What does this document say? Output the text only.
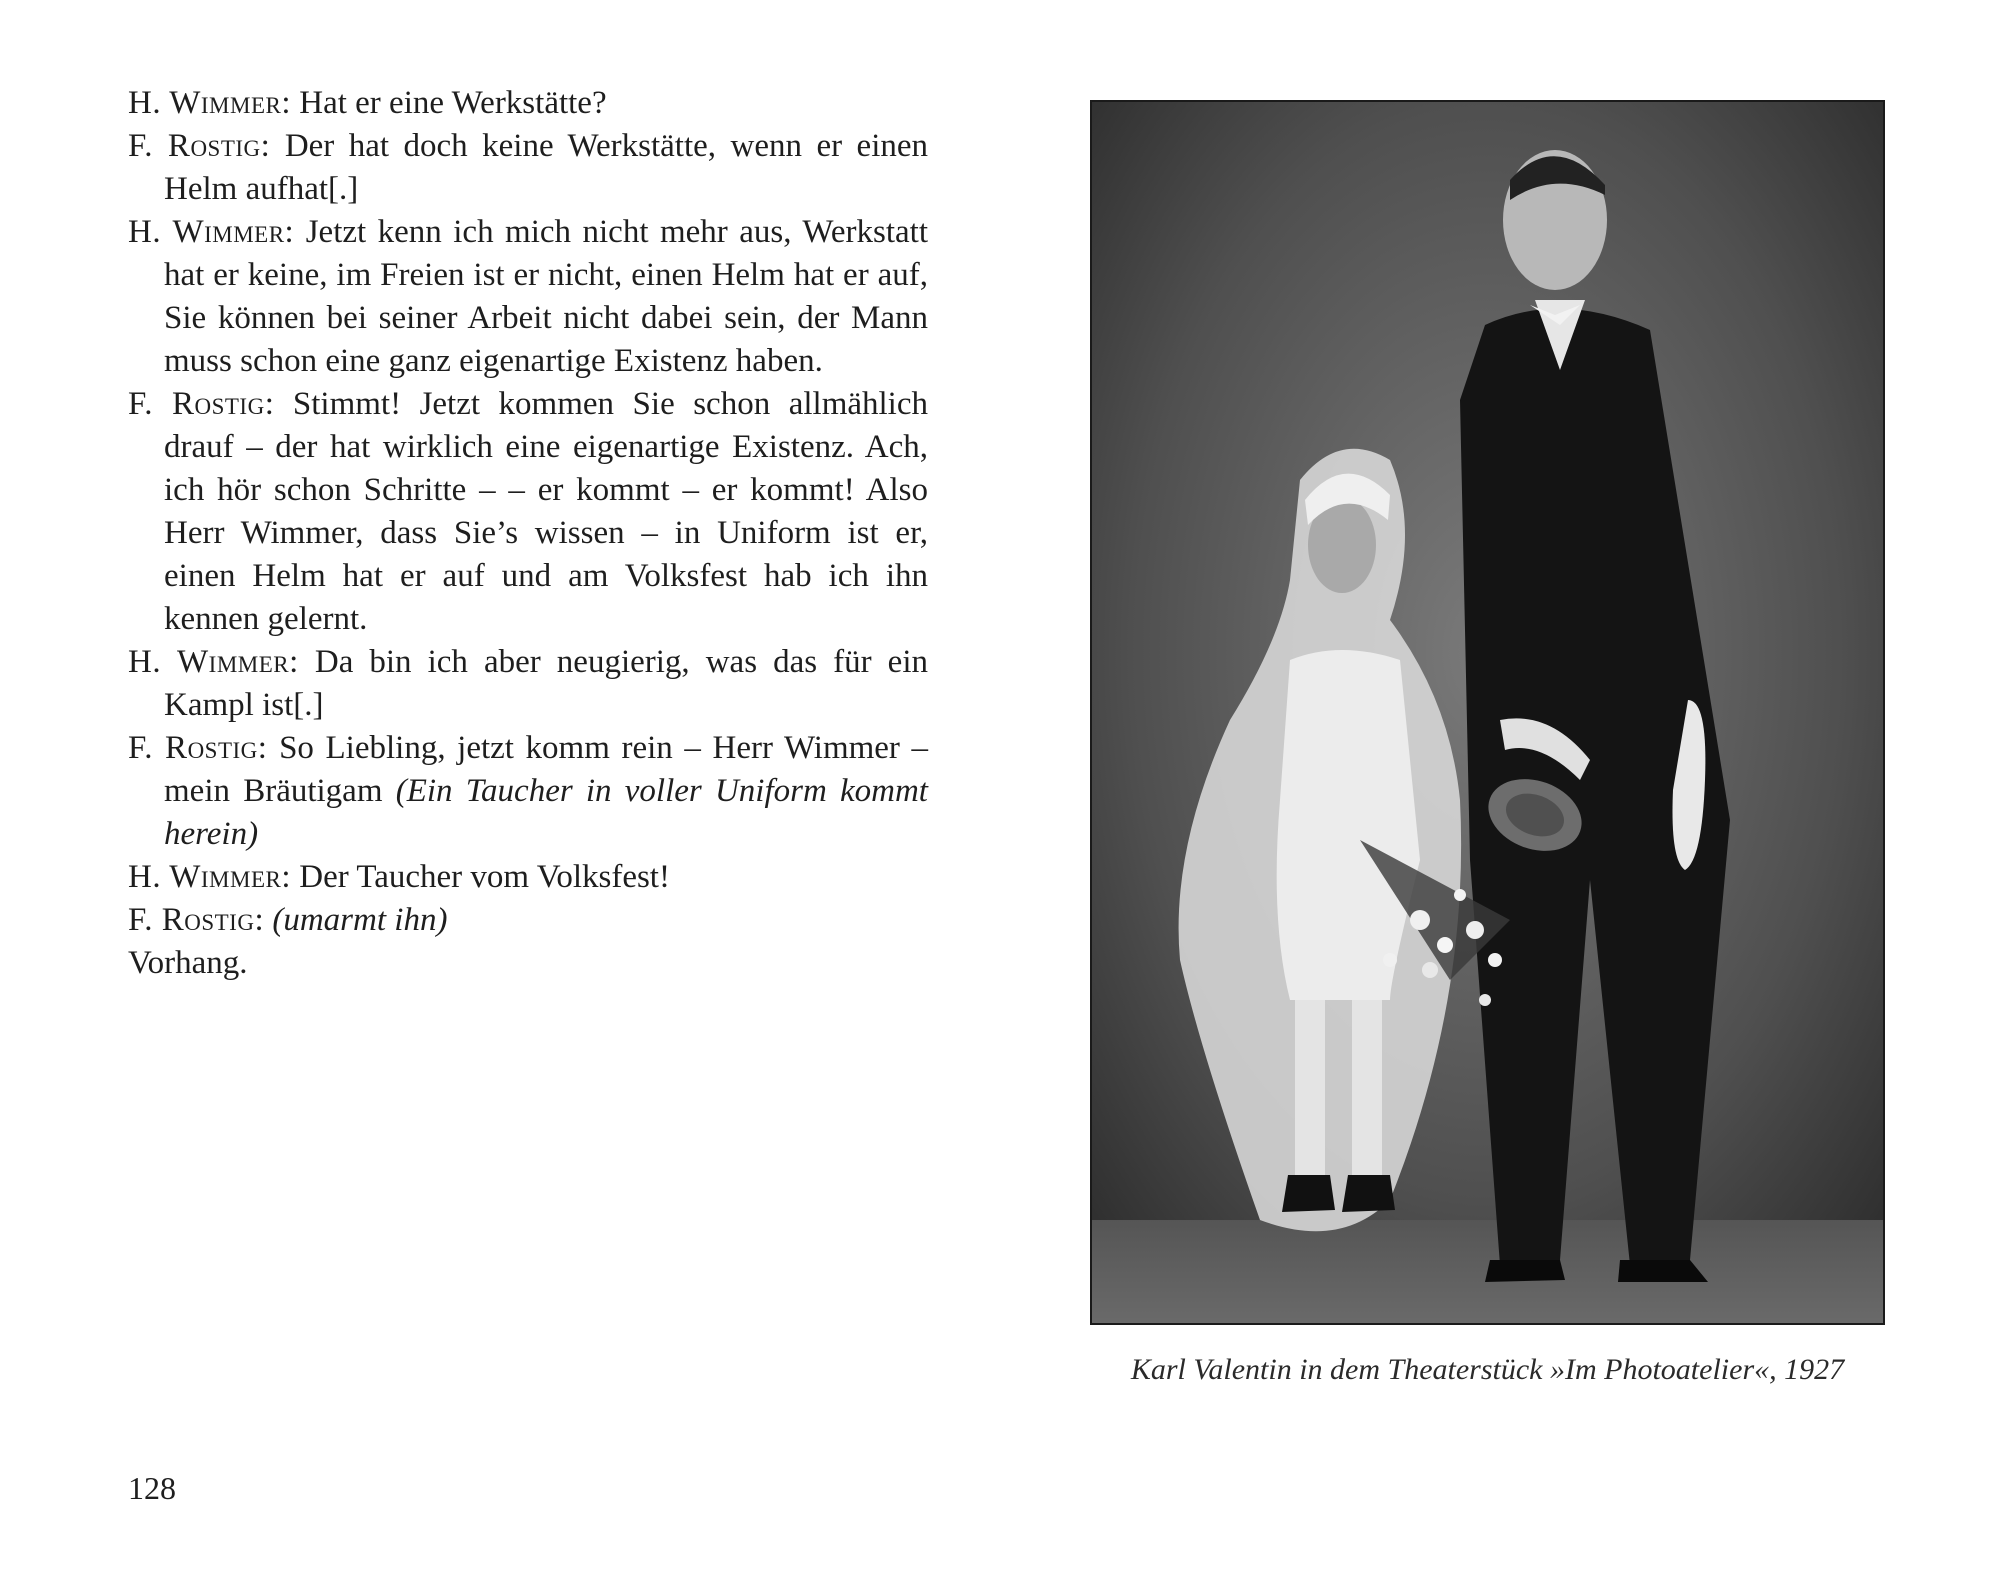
H. Wimmer: Hat er eine Werkstätte?

F. Rostig: Der hat doch keine Werkstätte, wenn er einen Helm aufhat[.]

H. Wimmer: Jetzt kenn ich mich nicht mehr aus, Werkstatt hat er keine, im Freien ist er nicht, einen Helm hat er auf, Sie können bei seiner Arbeit nicht dabei sein, der Mann muss schon eine ganz eigenartige Existenz haben.

F. Rostig: Stimmt! Jetzt kommen Sie schon allmählich drauf – der hat wirklich eine eigenartige Existenz. Ach, ich hör schon Schritte – – er kommt – er kommt! Also Herr Wimmer, dass Sie’s wissen – in Uniform ist er, einen Helm hat er auf und am Volksfest hab ich ihn kennen gelernt.

H. Wimmer: Da bin ich aber neugierig, was das für ein Kampl ist[.]

F. Rostig: So Liebling, jetzt komm rein – Herr Wimmer – mein Bräutigam (Ein Taucher in voller Uniform kommt herein)

H. Wimmer: Der Taucher vom Volksfest!

F. Rostig: (umarmt ihn)

Vorhang.

128
Karl Valentin in dem Theaterstück »Im Photoatelier«, 1927
